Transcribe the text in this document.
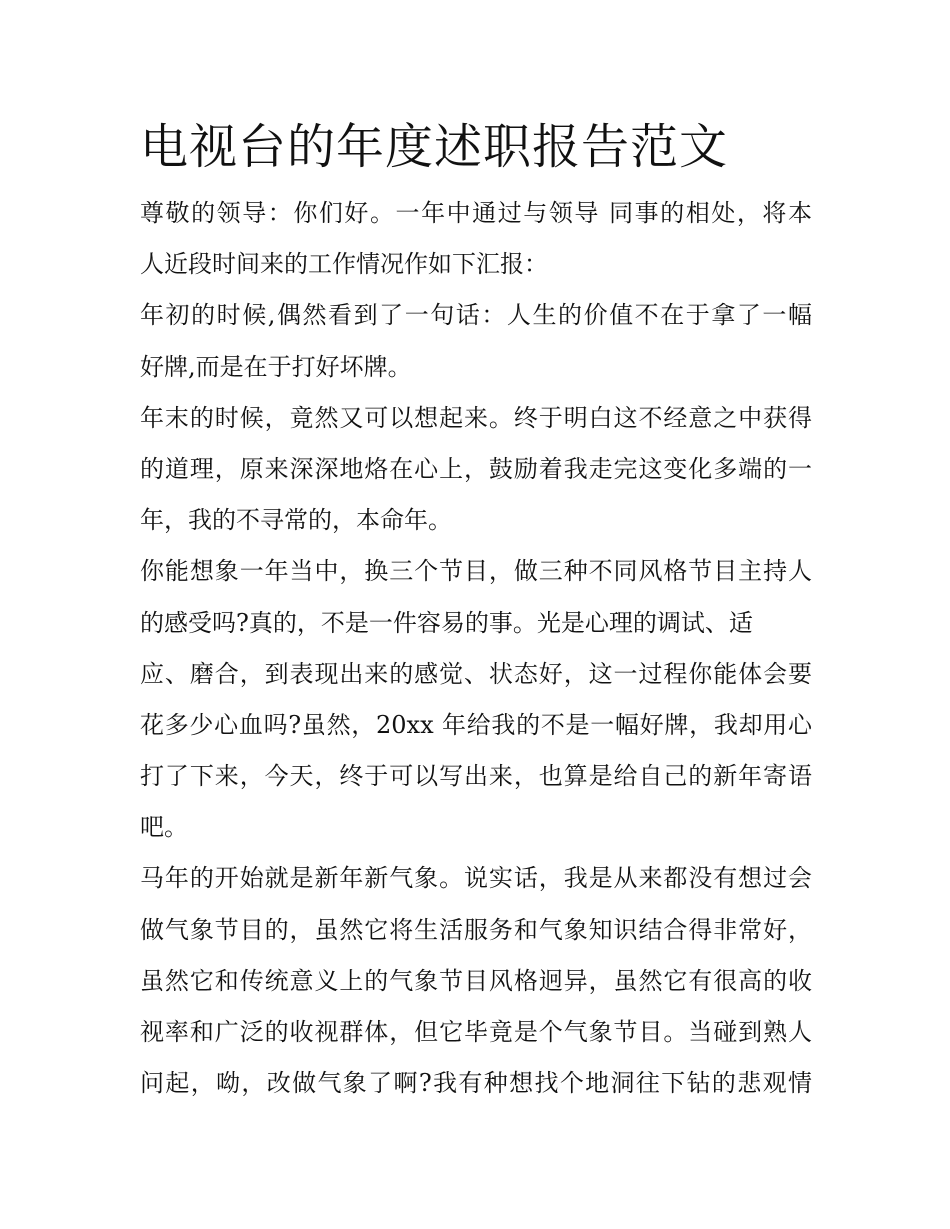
电视台的年度述职报告范文
尊敬的领导：你们好。一年中通过与领导 同事的相处，将本
人近段时间来的工作情况作如下汇报：
年初的时候,偶然看到了一句话：人生的价值不在于拿了一幅
好牌,而是在于打好坏牌。
年末的时候，竟然又可以想起来。终于明白这不经意之中获得
的道理，原来深深地烙在心上，鼓励着我走完这变化多端的一
年，我的不寻常的，本命年。
你能想象一年当中，换三个节目，做三种不同风格节目主持人
的感受吗?真的，不是一件容易的事。光是心理的调试、适
应、磨合，到表现出来的感觉、状态好，这一过程你能体会要
花多少心血吗?虽然，20xx 年给我的不是一幅好牌，我却用心
打了下来，今天，终于可以写出来，也算是给自己的新年寄语
吧。
马年的开始就是新年新气象。说实话，我是从来都没有想过会
做气象节目的，虽然它将生活服务和气象知识结合得非常好，
虽然它和传统意义上的气象节目风格迥异，虽然它有很高的收
视率和广泛的收视群体，但它毕竟是个气象节目。当碰到熟人
问起，呦，改做气象了啊?我有种想找个地洞往下钻的悲观情
